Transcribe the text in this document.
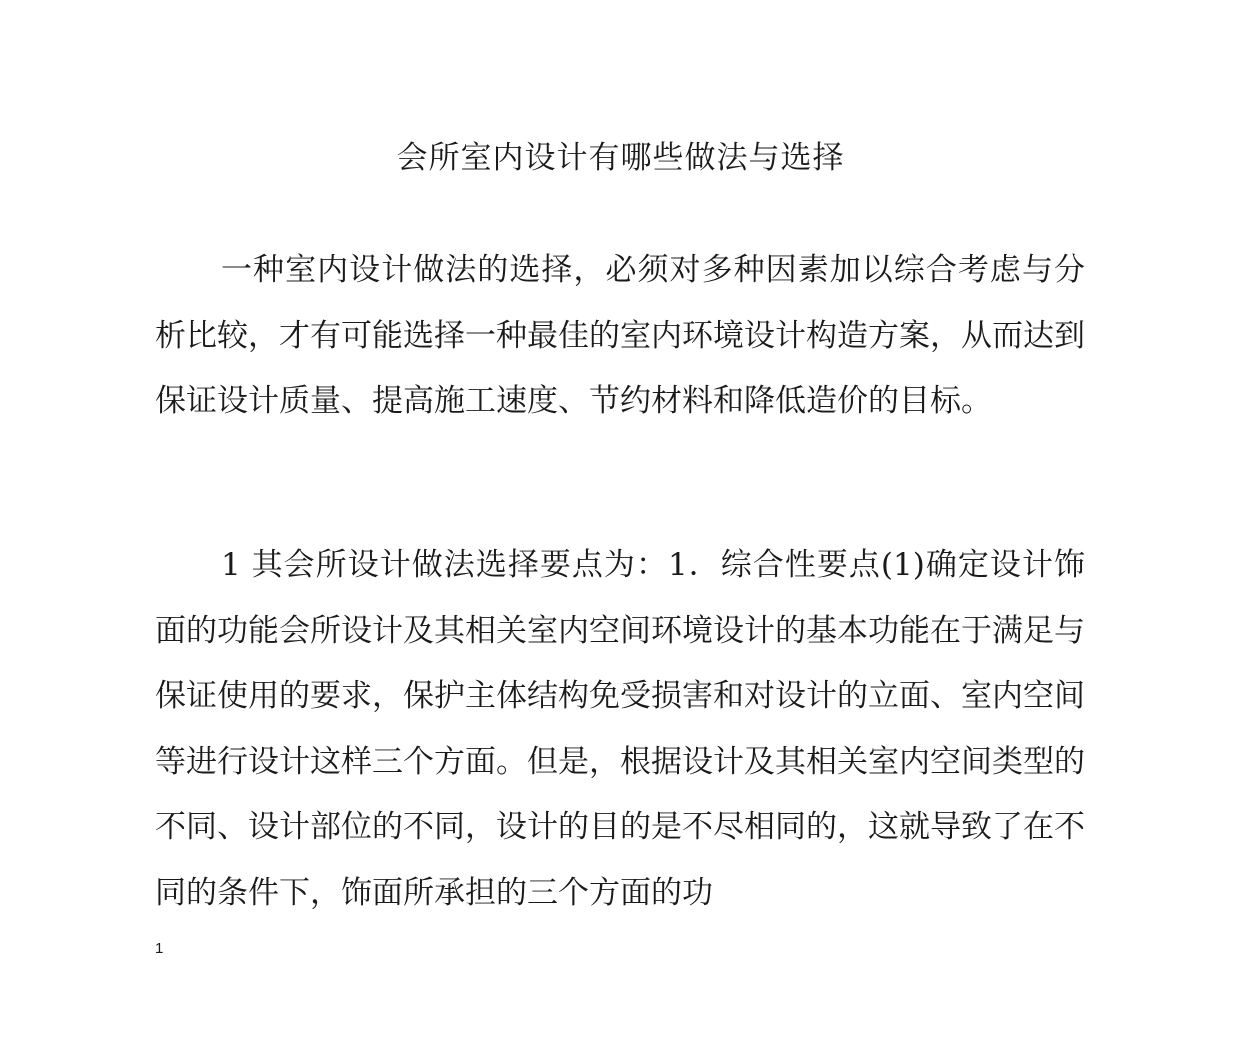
会所室内设计有哪些做法与选择

一种室内设计做法的选择，必须对多种因素加以综合考虑与分析比较，才有可能选择一种最佳的室内环境设计构造方案，从而达到保证设计质量、提高施工速度、节约材料和降低造价的目标。

1 其会所设计做法选择要点为：1．综合性要点(1)确定设计饰面的功能会所设计及其相关室内空间环境设计的基本功能在于满足与保证使用的要求，保护主体结构免受损害和对设计的立面、室内空间等进行设计这样三个方面。但是，根据设计及其相关室内空间类型的不同、设计部位的不同，设计的目的是不尽相同的，这就导致了在不同的条件下，饰面所承担的三个方面的功

1
